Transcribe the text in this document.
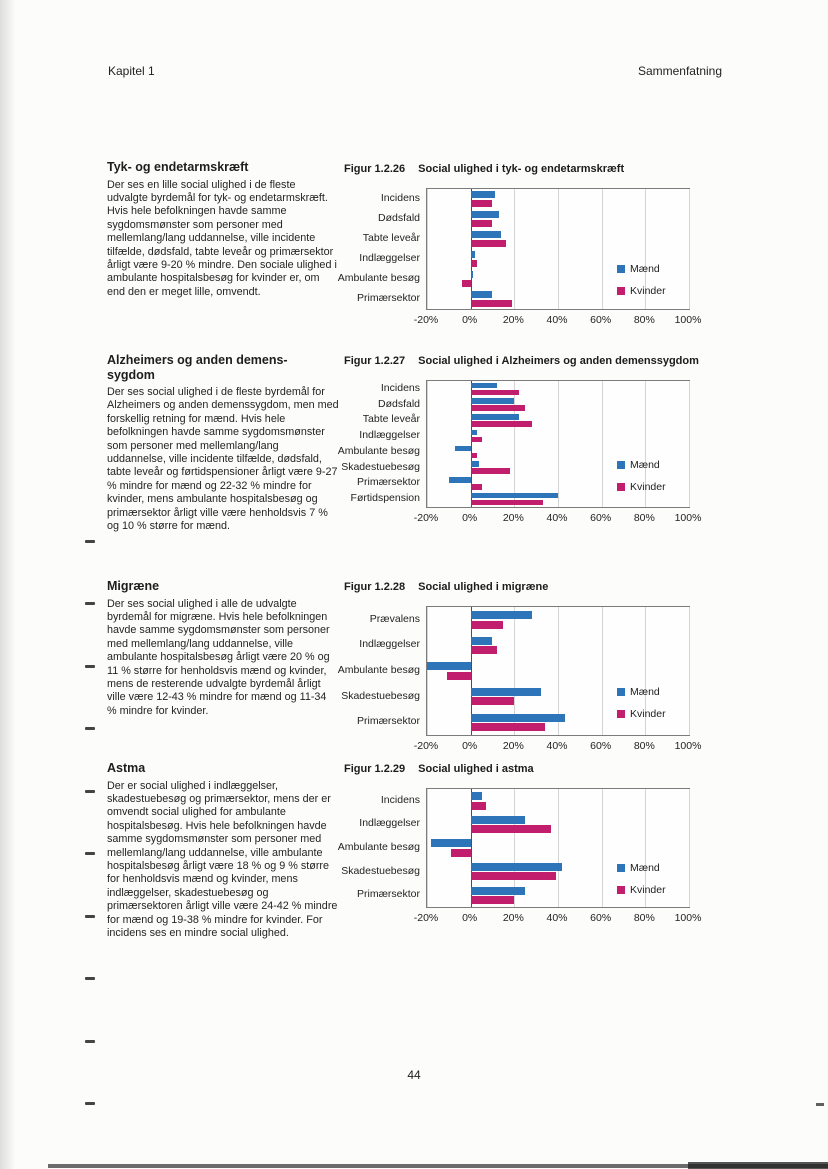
Kapitel 1	Sammenfatning
Tyk- og endetarmskræft

Der ses en lille social ulighed i de fleste udvalgte byrdemål for tyk- og endetarmskræft. Hvis hele befolkningen havde samme sygdomsmønster som personer med mellemlang/lang uddannelse, ville incidente tilfælde, dødsfald, tabte leveår og primærsektor årligt være 9-20 % mindre. Den sociale ulighed i ambulante hospitalsbesøg for kvinder er, om end den er meget lille, omvendt.

Figur 1.2.26 Social ulighed i tyk- og endetarmskræft
Incidens
Dødsfald
Tabte leveår
Indlæggelser
Ambulante besøg
Primærsektor
Mænd
Kvinder
-20% 0% 20% 40% 60% 80% 100%
Alzheimers og anden demens-sygdom

Der ses social ulighed i de fleste byrdemål for Alzheimers og anden demenssygdom, men med forskellig retning for mænd. Hvis hele befolkningen havde samme sygdomsmønster som personer med mellemlang/lang uddannelse, ville incidente tilfælde, dødsfald, tabte leveår og førtidspensioner årligt være 9-27 % mindre for mænd og 22-32 % mindre for kvinder, mens ambulante hospitalsbesøg og primærsektor årligt ville være henholdsvis 7 % og 10 % større for mænd.

Figur 1.2.27 Social ulighed i Alzheimers og anden demenssygdom
Incidens
Dødsfald
Tabte leveår
Indlæggelser
Ambulante besøg
Skadestuebesøg
Primærsektor
Førtidspension
Mænd
Kvinder
-20% 0% 20% 40% 60% 80% 100%
Migræne

Der ses social ulighed i alle de udvalgte byrdemål for migræne. Hvis hele befolkningen havde samme sygdomsmønster som personer med mellemlang/lang uddannelse, ville ambulante hospitalsbesøg årligt være 20 % og 11 % større for henholdsvis mænd og kvinder, mens de resterende udvalgte byrdemål årligt ville være 12-43 % mindre for mænd og 11-34 % mindre for kvinder.

Figur 1.2.28 Social ulighed i migræne
Prævalens
Indlæggelser
Ambulante besøg
Skadestuebesøg
Primærsektor
Mænd
Kvinder
-20% 0% 20% 40% 60% 80% 100%
Astma

Der er social ulighed i indlæggelser, skadestuebesøg og primærsektor, mens der er omvendt social ulighed for ambulante hospitalsbesøg. Hvis hele befolkningen havde samme sygdomsmønster som personer med mellemlang/lang uddannelse, ville ambulante hospitalsbesøg årligt være 18 % og 9 % større for henholdsvis mænd og kvinder, mens indlæggelser, skadestuebesøg og primærsektoren årligt ville være 24-42 % mindre for mænd og 19-38 % mindre for kvinder. For incidens ses en mindre social ulighed.

Figur 1.2.29 Social ulighed i astma
Incidens
Indlæggelser
Ambulante besøg
Skadestuebesøg
Primærsektor
Mænd
Kvinder
-20% 0% 20% 40% 60% 80% 100%
44
